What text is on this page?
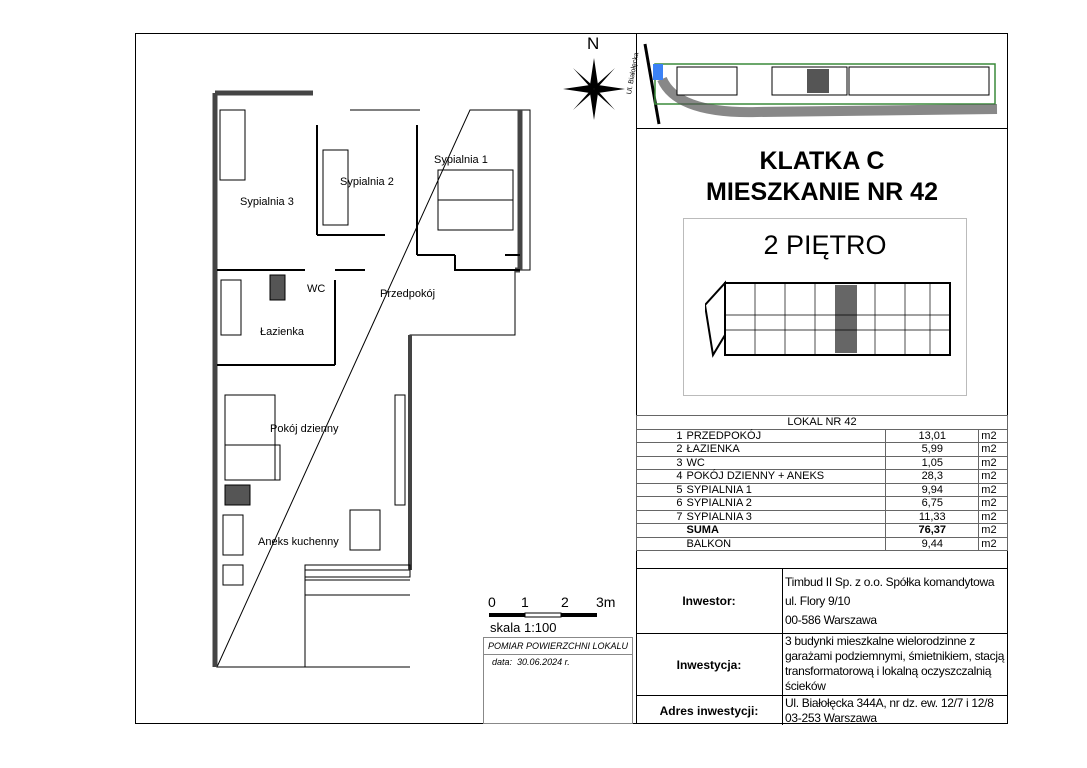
N
Ul. Białołęcka
KLATKA C
MIESZKANIE NR 42
2 PIĘTRO
LOKAL NR 42			
1	PRZEDPOKÓJ	13,01	m2
2	ŁAZIENKA	5,99	m2
3	WC	1,05	m2
4	POKÓJ DZIENNY + ANEKS	28,3	m2
5	SYPIALNIA 1	9,94	m2
6	SYPIALNIA 2	6,75	m2
7	SYPIALNIA 3	11,33	m2
	SUMA	76,37	m2
	BALKON	9,44	m2
Inwestor:
Timbud II Sp. z o.o. Spółka komandytowa
ul. Flory 9/10
00-586 Warszawa
Inwestycja:
3 budynki mieszkalne wielorodzinne z
garażami podziemnymi, śmietnikiem, stacją
transformatorową i lokalną oczyszczalnią
ścieków
Adres inwestycji:
Ul. Białołęcka 344A, nr dz. ew. 12/7 i 12/8
03-253 Warszawa
0 1 2 3m
skala 1:100
POMIAR POWIERZCHNI LOKALU
data: 30.06.2024 r.
Sypialnia 3
Sypialnia 2
Sypialnia 1
WC	Przedpokój
Łazienka
Pokój dzienny
Aneks kuchenny
